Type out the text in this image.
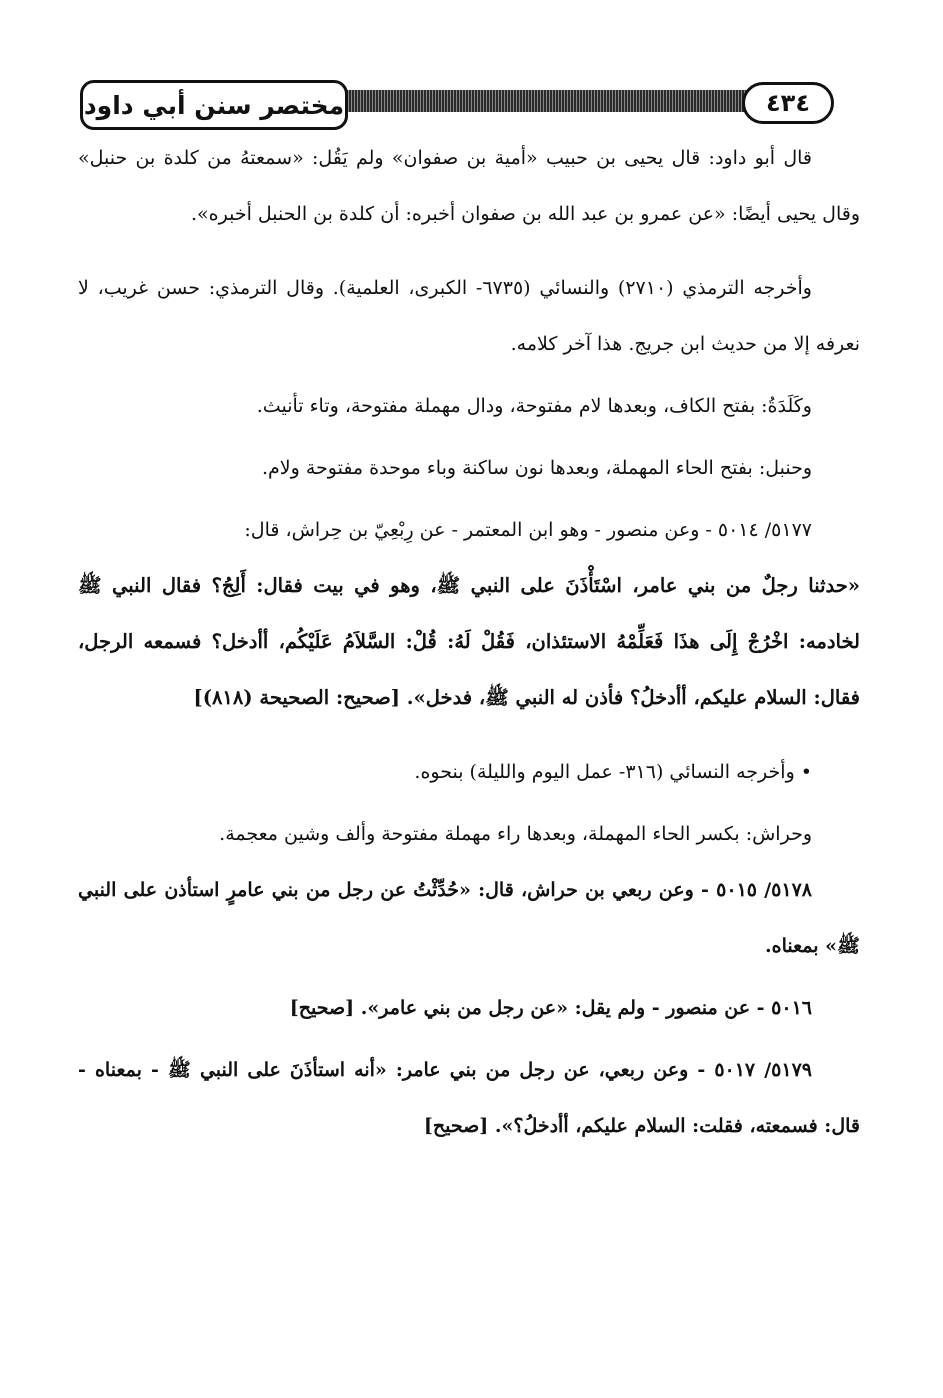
مختصر سنن أبي داود	٤٣٤

قال أبو داود: قال يحيى بن حبيب «أمية بن صفوان» ولم يَقُل: «سمعتهُ من كلدة بن حنبل» وقال يحيى أيضًا: «عن عمرو بن عبد الله بن صفوان أخبره: أن كلدة بن الحنبل أخبره».

وأخرجه الترمذي (٢٧١٠) والنسائي (٦٧٣٥- الكبرى، العلمية). وقال الترمذي: حسن غريب، لا نعرفه إلا من حديث ابن جريج. هذا آخر كلامه.

وكَلَدَةُ: بفتح الكاف، وبعدها لام مفتوحة، ودال مهملة مفتوحة، وتاء تأنيث.

وحنبل: بفتح الحاء المهملة، وبعدها نون ساكنة وباء موحدة مفتوحة ولام.

٥١٧٧/ ٥٠١٤ - وعن منصور - وهو ابن المعتمر - عن رِبْعِيّ بن حِراش، قال:

«حدثنا رجلٌ من بني عامر، اسْتَأْذَنَ على النبي ﷺ، وهو في بيت فقال: أَلِجُ؟ فقال النبي ﷺ لخادمه: اخْرُجْ إِلَى هذَا فَعَلِّمْهُ الاستئذان، فَقُلْ لَهُ: قُلْ: السَّلاَمُ عَلَيْكُم، أأدخل؟ فسمعه الرجل، فقال: السلام عليكم، أأدخلُ؟ فأذن له النبي ﷺ، فدخل». [صحيح: الصحيحة (٨١٨)]

• وأخرجه النسائي (٣١٦- عمل اليوم والليلة) بنحوه.

وحراش: بكسر الحاء المهملة، وبعدها راء مهملة مفتوحة وألف وشين معجمة.

٥١٧٨/ ٥٠١٥ - وعن ربعي بن حراش، قال: «حُدِّثْتُ عن رجل من بني عامرٍ استأذن على النبي ﷺ» بمعناه.

٥٠١٦ - عن منصور - ولم يقل: «عن رجل من بني عامر». [صحيح]

٥١٧٩/ ٥٠١٧ - وعن ربعي، عن رجل من بني عامر: «أنه استأذَنَ على النبي ﷺ - بمعناه - قال: فسمعته، فقلت: السلام عليكم، أأدخلُ؟». [صحيح]
